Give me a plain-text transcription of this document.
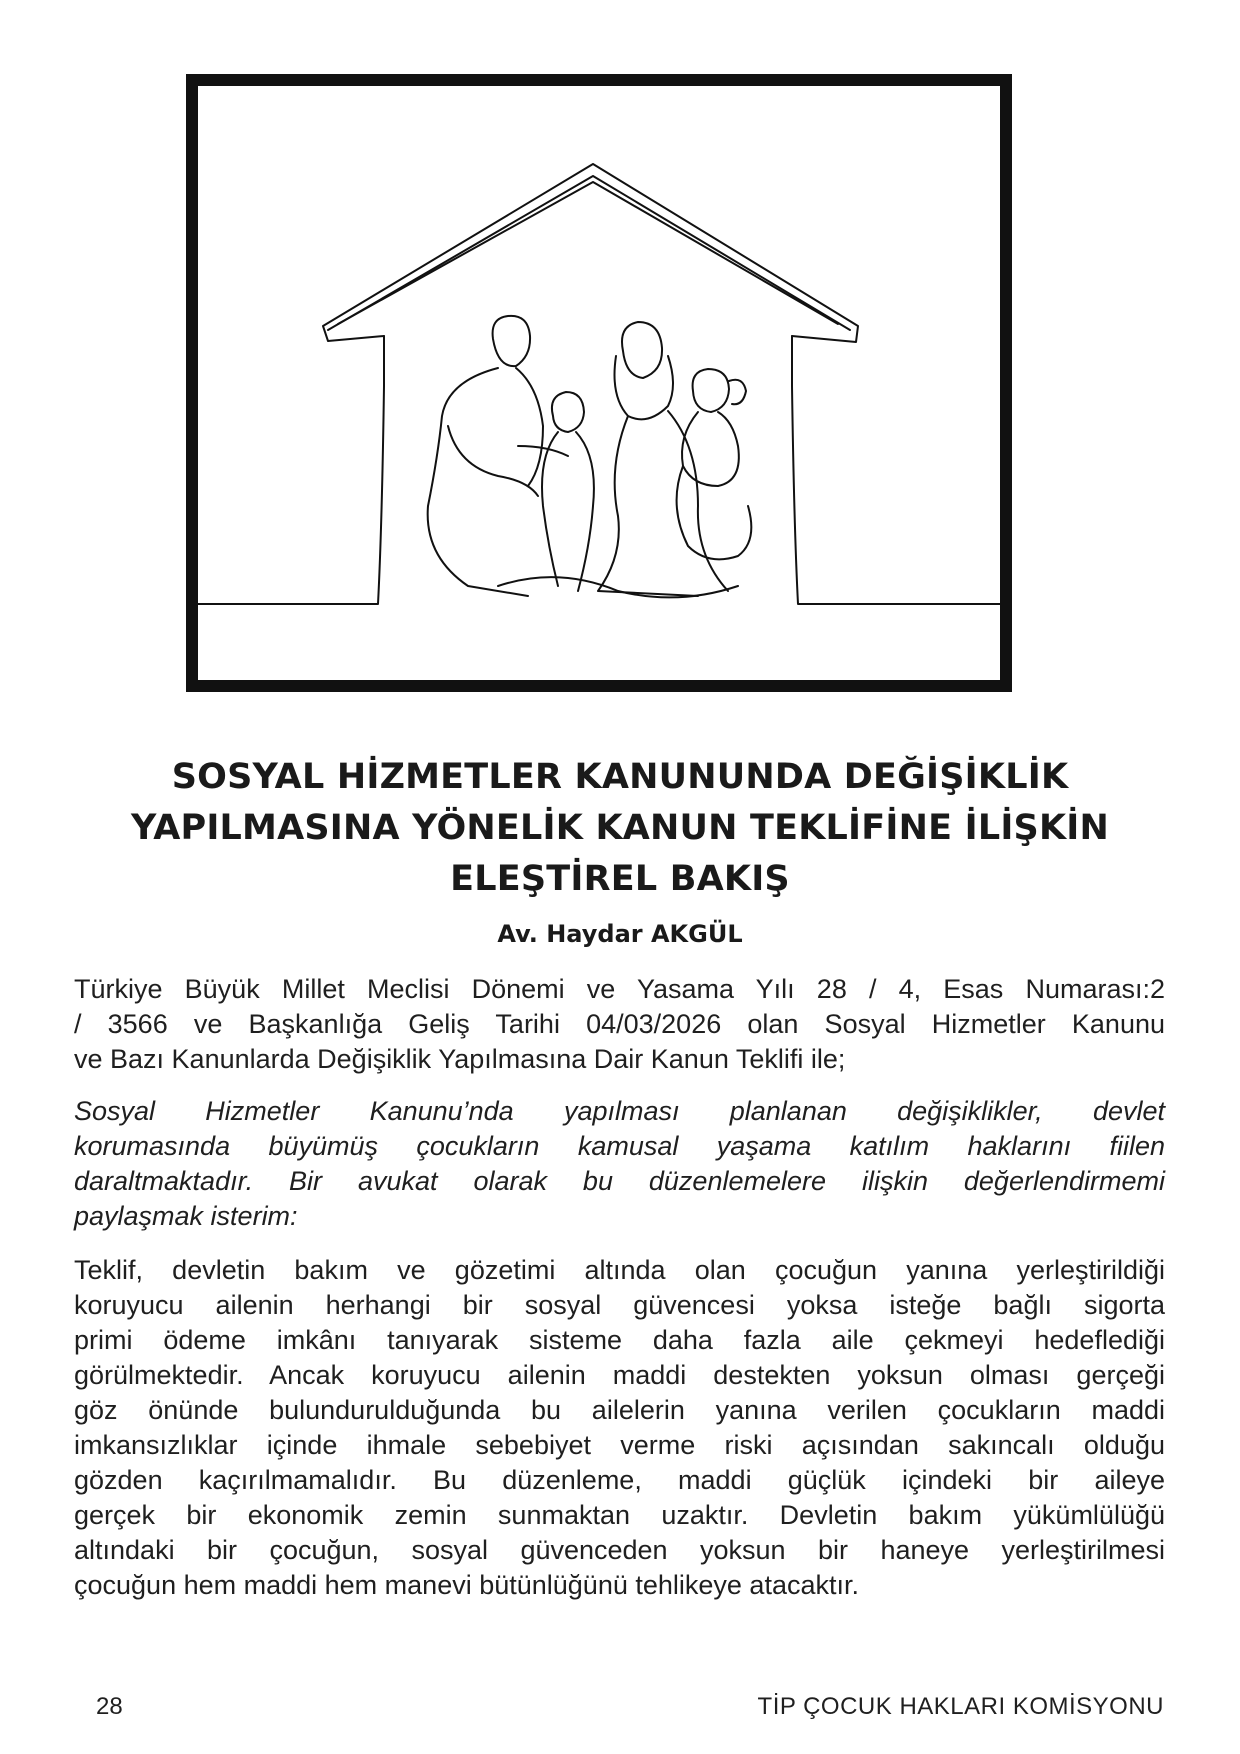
SOSYAL HİZMETLER KANUNUNDA DEĞİŞİKLİK
YAPILMASINA YÖNELİK KANUN TEKLİFİNE İLİŞKİN
ELEŞTİREL BAKIŞ
Av. Haydar AKGÜL

Türkiye Büyük Millet Meclisi Dönemi ve Yasama Yılı 28 / 4, Esas Numarası:2
/ 3566 ve Başkanlığa Geliş Tarihi 04/03/2026 olan Sosyal Hizmetler Kanunu
ve Bazı Kanunlarda Değişiklik Yapılmasına Dair Kanun Teklifi ile;

Sosyal Hizmetler Kanunu’nda yapılması planlanan değişiklikler, devlet
korumasında büyümüş çocukların kamusal yaşama katılım haklarını fiilen
daraltmaktadır. Bir avukat olarak bu düzenlemelere ilişkin değerlendirmemi
paylaşmak isterim:

Teklif, devletin bakım ve gözetimi altında olan çocuğun yanına yerleştirildiği
koruyucu ailenin herhangi bir sosyal güvencesi yoksa isteğe bağlı sigorta
primi ödeme imkânı tanıyarak sisteme daha fazla aile çekmeyi hedeflediği
görülmektedir. Ancak koruyucu ailenin maddi destekten yoksun olması gerçeği
göz önünde bulundurulduğunda bu ailelerin yanına verilen çocukların maddi
imkansızlıklar içinde ihmale sebebiyet verme riski açısından sakıncalı olduğu
gözden kaçırılmamalıdır. Bu düzenleme, maddi güçlük içindeki bir aileye
gerçek bir ekonomik zemin sunmaktan uzaktır. Devletin bakım yükümlülüğü
altındaki bir çocuğun, sosyal güvenceden yoksun bir haneye yerleştirilmesi
çocuğun hem maddi hem manevi bütünlüğünü tehlikeye atacaktır.

28	TİP ÇOCUK HAKLARI KOMİSYONU
